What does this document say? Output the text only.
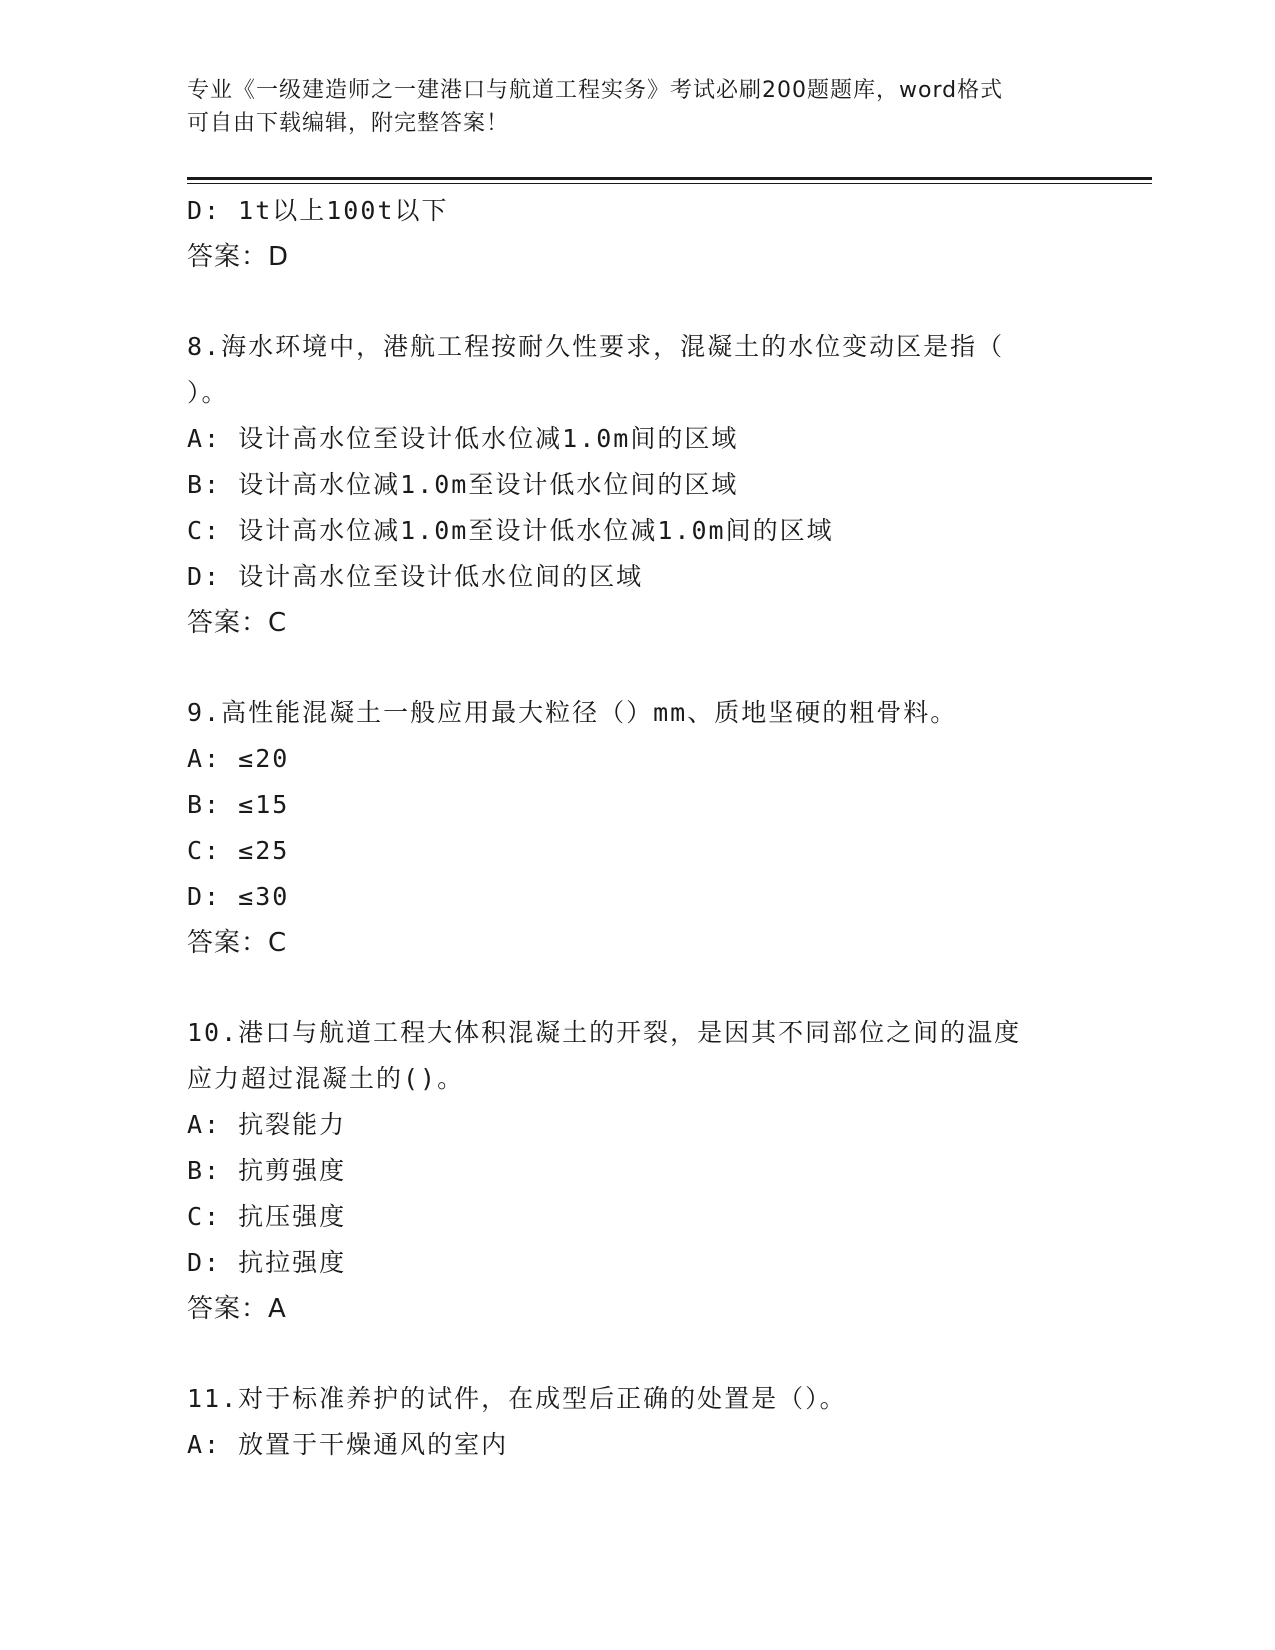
专业《一级建造师之一建港口与航道工程实务》考试必刷200题题库，word格式
可自由下载编辑，附完整答案！

D: 1t以上100t以下

答案：D

8.海水环境中，港航工程按耐久性要求，混凝土的水位变动区是指（

）。

A: 设计高水位至设计低水位减1.0m间的区域

B: 设计高水位减1.0m至设计低水位间的区域

C: 设计高水位减1.0m至设计低水位减1.0m间的区域

D: 设计高水位至设计低水位间的区域

答案：C

9.高性能混凝土一般应用最大粒径（）mm、质地坚硬的粗骨料。

A: ≤20

B: ≤15

C: ≤25

D: ≤30

答案：C

10.港口与航道工程大体积混凝土的开裂，是因其不同部位之间的温度

应力超过混凝土的()。

A: 抗裂能力

B: 抗剪强度

C: 抗压强度

D: 抗拉强度

答案：A

11.对于标准养护的试件，在成型后正确的处置是（）。

A: 放置于干燥通风的室内
